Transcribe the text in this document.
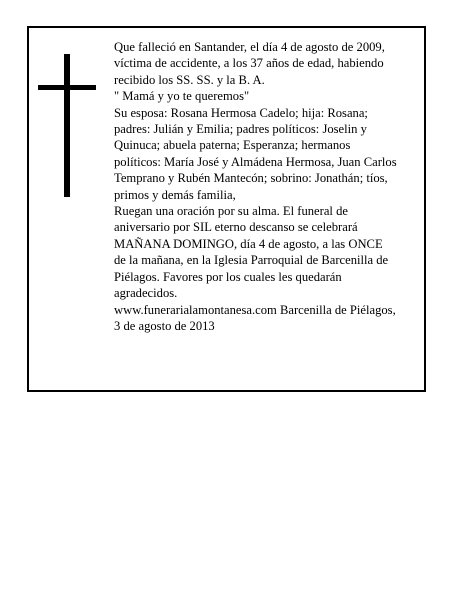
Que falleció en Santander, el día 4 de agosto de 2009,

víctima de accidente, a los 37 años de edad, habiendo

recibido los SS. SS. y la B. A.

" Mamá y yo te queremos"

Su esposa: Rosana Hermosa Cadelo; hija: Rosana;

padres: Julián y Emilia; padres políticos: Joselin y

Quinuca; abuela paterna; Esperanza; hermanos

políticos: María José y Almádena Hermosa, Juan Carlos

Temprano y Rubén Mantecón; sobrino: Jonathán; tíos,

primos y demás familia,

Ruegan una oración por su alma. El funeral de

aniversario por SIL eterno descanso se celebrará

MAÑANA DOMINGO, día 4 de agosto, a las ONCE

de la mañana, en la Iglesia Parroquial de Barcenilla de

Piélagos. Favores por los cuales les quedarán

agradecidos.

www.funerarialamontanesa.com Barcenilla de Piélagos,

3 de agosto de 2013
